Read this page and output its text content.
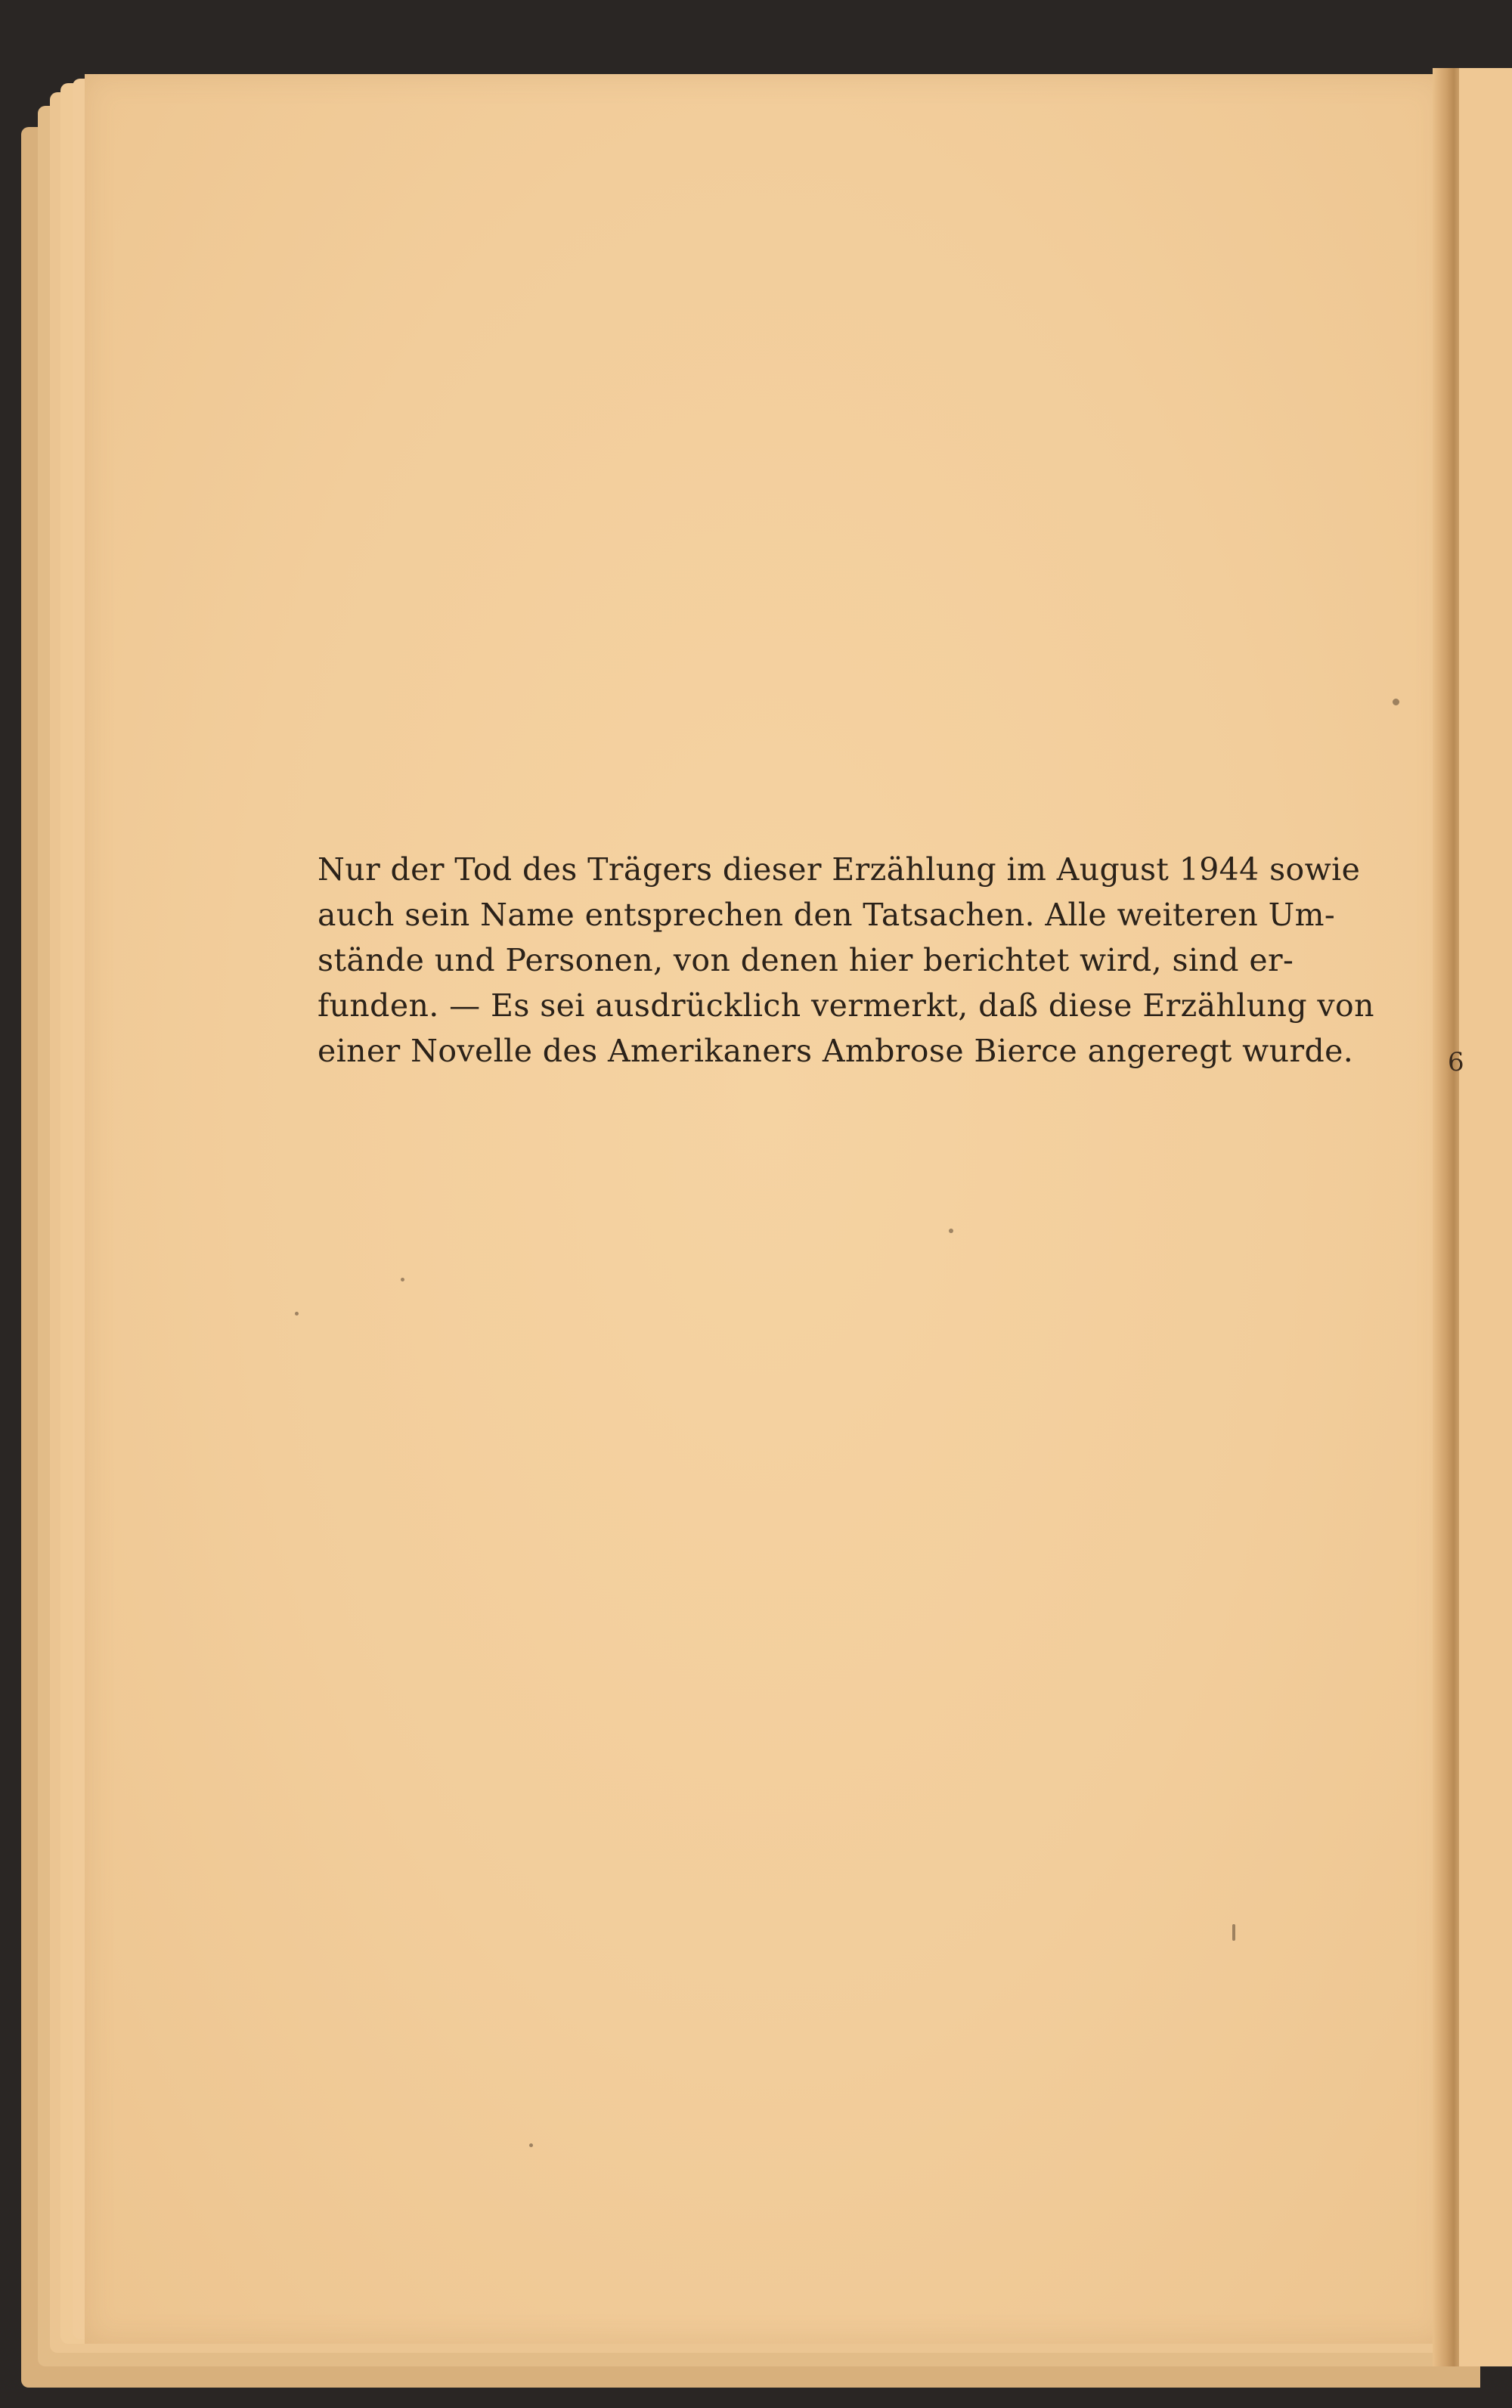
6
Nur der Tod des Trägers dieser Erzählung im August 1944 sowie
auch sein Name entsprechen den Tatsachen. Alle weiteren Um-
stände und Personen, von denen hier berichtet wird, sind er-
funden. — Es sei ausdrücklich vermerkt, daß diese Erzählung von
einer Novelle des Amerikaners Ambrose Bierce angeregt wurde.
